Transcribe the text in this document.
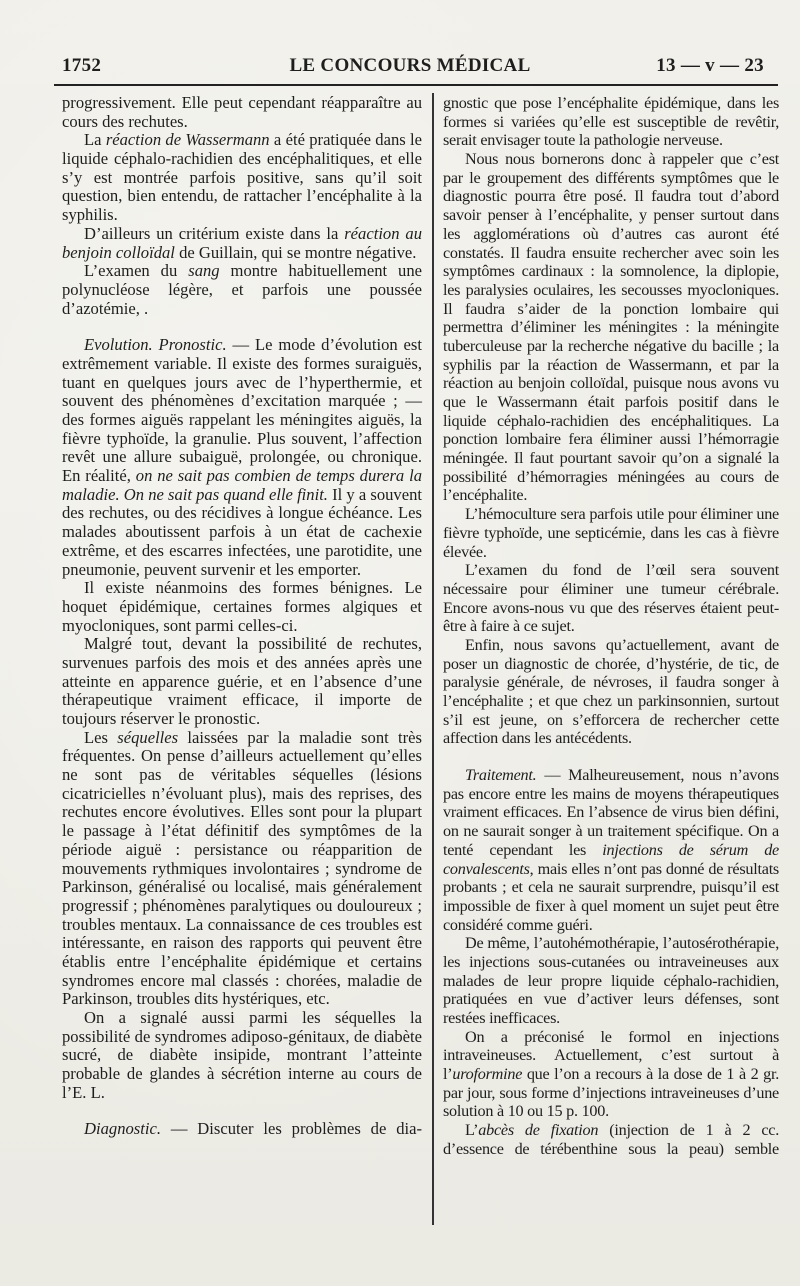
1752	LE CONCOURS MÉDICAL	13 — v — 23

progressivement. Elle peut cependant réapparaître au cours des rechutes.

La réaction de Wassermann a été pratiquée dans le liquide céphalo-rachidien des encéphalitiques, et elle s’y est montrée parfois positive, sans qu’il soit question, bien entendu, de rattacher l’encéphalite à la syphilis.

D’ailleurs un critérium existe dans la réaction au benjoin colloïdal de Guillain, qui se montre négative.

L’examen du sang montre habituellement une polynucléose légère, et parfois une poussée d’azotémie, .

Evolution. Pronostic. — Le mode d’évolution est extrêmement variable. Il existe des formes suraiguës, tuant en quelques jours avec de l’hyperthermie, et souvent des phénomènes d’excitation marquée ; — des formes aiguës rappelant les méningites aiguës, la fièvre typhoïde, la granulie. Plus souvent, l’affection revêt une allure subaiguë, prolongée, ou chronique. En réalité, on ne sait pas combien de temps durera la maladie. On ne sait pas quand elle finit. Il y a souvent des rechutes, ou des récidives à longue échéance. Les malades aboutissent parfois à un état de cachexie extrême, et des escarres infectées, une parotidite, une pneumonie, peuvent survenir et les emporter.

Il existe néanmoins des formes bénignes. Le hoquet épidémique, certaines formes algiques et myocloniques, sont parmi celles-ci.

Malgré tout, devant la possibilité de rechutes, survenues parfois des mois et des années après une atteinte en apparence guérie, et en l’absence d’une thérapeutique vraiment efficace, il importe de toujours réserver le pronostic.

Les séquelles laissées par la maladie sont très fréquentes. On pense d’ailleurs actuellement qu’elles ne sont pas de véritables séquelles (lésions cicatricielles n’évoluant plus), mais des reprises, des rechutes encore évolutives. Elles sont pour la plupart le passage à l’état définitif des symptômes de la période aiguë : persistance ou réapparition de mouvements rythmiques involontaires ; syndrome de Parkinson, généralisé ou localisé, mais généralement progressif ; phénomènes paralytiques ou douloureux ; troubles mentaux. La connaissance de ces troubles est intéressante, en raison des rapports qui peuvent être établis entre l’encéphalite épidémique et certains syndromes encore mal classés : chorées, maladie de Parkinson, troubles dits hystériques, etc.

On a signalé aussi parmi les séquelles la possibilité de syndromes adiposo-génitaux, de diabète sucré, de diabète insipide, montrant l’atteinte probable de glandes à sécrétion interne au cours de l’E. L.

Diagnostic. — Discuter les problèmes de dia-

gnostic que pose l’encéphalite épidémique, dans les formes si variées qu’elle est susceptible de revêtir, serait envisager toute la pathologie nerveuse.

Nous nous bornerons donc à rappeler que c’est par le groupement des différents symptômes que le diagnostic pourra être posé. Il faudra tout d’abord savoir penser à l’encéphalite, y penser surtout dans les agglomérations où d’autres cas auront été constatés. Il faudra ensuite rechercher avec soin les symptômes cardinaux : la somnolence, la diplopie, les paralysies oculaires, les secousses myocloniques. Il faudra s’aider de la ponction lombaire qui permettra d’éliminer les méningites : la méningite tuberculeuse par la recherche négative du bacille ; la syphilis par la réaction de Wassermann, et par la réaction au benjoin colloïdal, puisque nous avons vu que le Wassermann était parfois positif dans le liquide céphalo-rachidien des encéphalitiques. La ponction lombaire fera éliminer aussi l’hémorragie méningée. Il faut pourtant savoir qu’on a signalé la possibilité d’hémorragies méningées au cours de l’encéphalite.

L’hémoculture sera parfois utile pour éliminer une fièvre typhoïde, une septicémie, dans les cas à fièvre élevée.

L’examen du fond de l’œil sera souvent nécessaire pour éliminer une tumeur cérébrale. Encore avons-nous vu que des réserves étaient peut-être à faire à ce sujet.

Enfin, nous savons qu’actuellement, avant de poser un diagnostic de chorée, d’hystérie, de tic, de paralysie générale, de névroses, il faudra songer à l’encéphalite ; et que chez un parkinsonnien, surtout s’il est jeune, on s’efforcera de rechercher cette affection dans les antécédents.

Traitement. — Malheureusement, nous n’avons pas encore entre les mains de moyens thérapeutiques vraiment efficaces. En l’absence de virus bien défini, on ne saurait songer à un traitement spécifique. On a tenté cependant les injections de sérum de convalescents, mais elles n’ont pas donné de résultats probants ; et cela ne saurait surprendre, puisqu’il est impossible de fixer à quel moment un sujet peut être considéré comme guéri.

De même, l’autohémothérapie, l’autosérothérapie, les injections sous-cutanées ou intraveineuses aux malades de leur propre liquide céphalo-rachidien, pratiquées en vue d’activer leurs défenses, sont restées inefficaces.

On a préconisé le formol en injections intraveineuses. Actuellement, c’est surtout à l’uroformine que l’on a recours à la dose de 1 à 2 gr. par jour, sous forme d’injections intraveineuses d’une solution à 10 ou 15 p. 100.

L’abcès de fixation (injection de 1 à 2 cc. d’essence de térébenthine sous la peau) semble
